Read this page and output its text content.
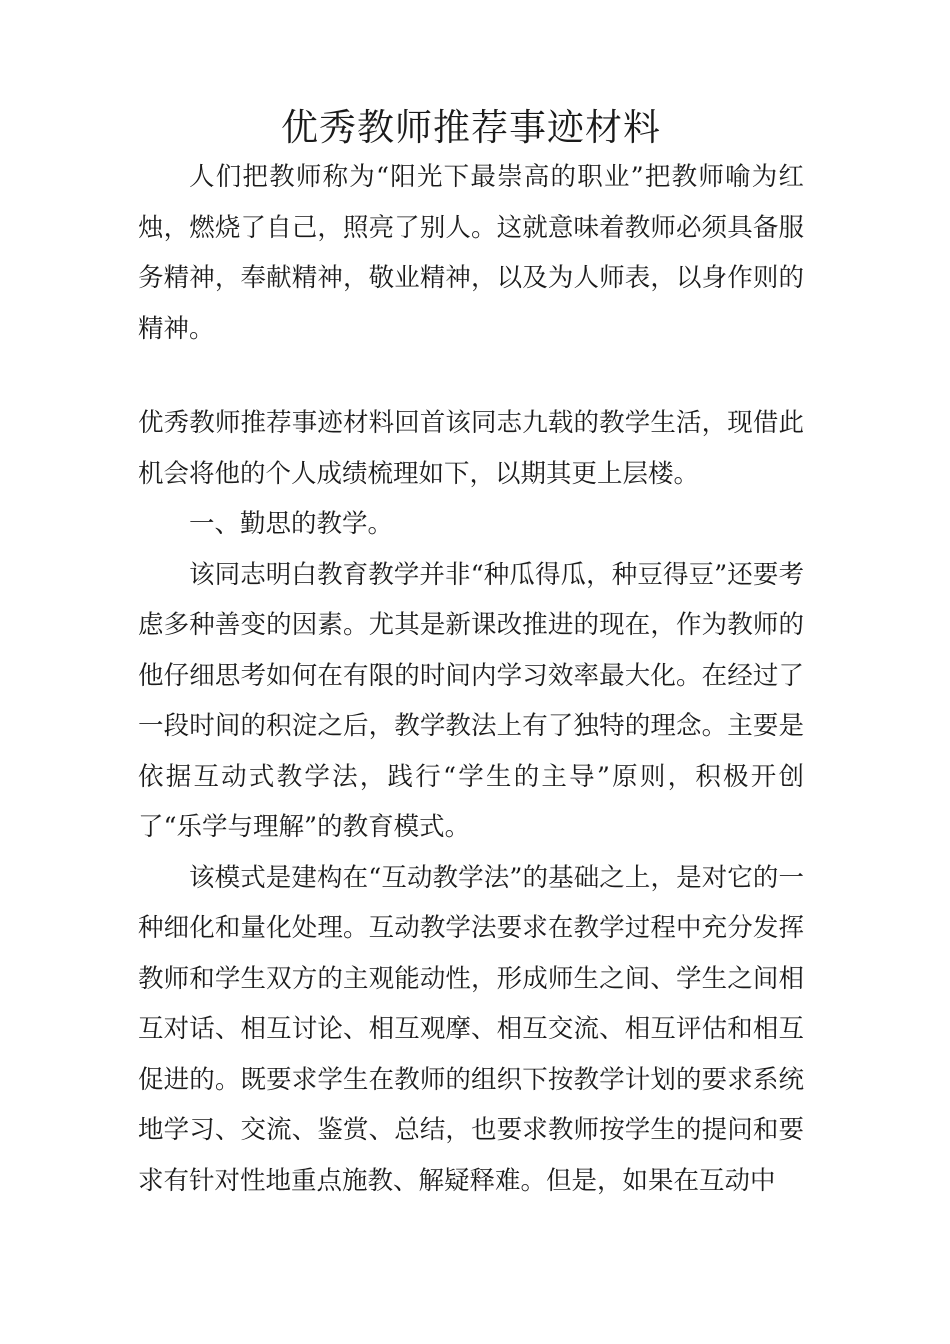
优秀教师推荐事迹材料

人们把教师称为“阳光下最崇高的职业”把教师喻为红烛，燃烧了自己，照亮了别人。这就意味着教师必须具备服务精神，奉献精神，敬业精神，以及为人师表，以身作则的精神。

优秀教师推荐事迹材料回首该同志九载的教学生活，现借此机会将他的个人成绩梳理如下，以期其更上层楼。

一、勤思的教学。

该同志明白教育教学并非“种瓜得瓜，种豆得豆”还要考虑多种善变的因素。尤其是新课改推进的现在，作为教师的他仔细思考如何在有限的时间内学习效率最大化。在经过了一段时间的积淀之后，教学教法上有了独特的理念。主要是依据互动式教学法，践行“学生的主导”原则，积极开创了“乐学与理解”的教育模式。

该模式是建构在“互动教学法”的基础之上，是对它的一种细化和量化处理。互动教学法要求在教学过程中充分发挥教师和学生双方的主观能动性，形成师生之间、学生之间相互对话、相互讨论、相互观摩、相互交流、相互评估和相互促进的。既要求学生在教师的组织下按教学计划的要求系统地学习、交流、鉴赏、总结，也要求教师按学生的提问和要求有针对性地重点施教、解疑释难。但是，如果在互动中
